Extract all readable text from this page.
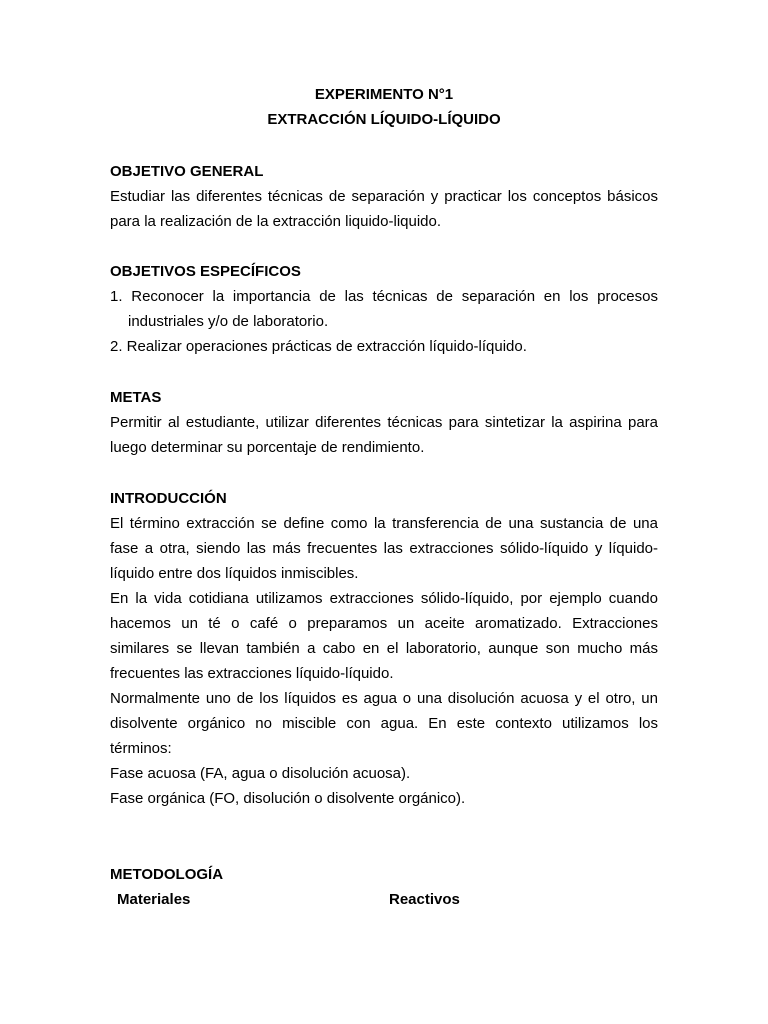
EXPERIMENTO N°1
EXTRACCIÓN LÍQUIDO-LÍQUIDO
OBJETIVO GENERAL

Estudiar las diferentes técnicas de separación y practicar los conceptos básicos para la realización de la extracción liquido-liquido.

OBJETIVOS ESPECÍFICOS

1. Reconocer la importancia de las técnicas de separación en los procesos industriales y/o de laboratorio.

2. Realizar operaciones prácticas de extracción líquido-líquido.

METAS

Permitir al estudiante, utilizar diferentes técnicas para sintetizar la aspirina para luego determinar su porcentaje de rendimiento.

INTRODUCCIÓN

El término extracción se define como la transferencia de una sustancia de una fase a otra, siendo las más frecuentes las extracciones sólido-líquido y líquido-líquido entre dos líquidos inmiscibles.

En la vida cotidiana utilizamos extracciones sólido-líquido, por ejemplo cuando hacemos un té o café o preparamos un aceite aromatizado. Extracciones similares se llevan también a cabo en el laboratorio, aunque son mucho más frecuentes las extracciones líquido-líquido.

Normalmente uno de los líquidos es agua o una disolución acuosa y el otro, un disolvente orgánico no miscible con agua. En este contexto utilizamos los términos:

Fase acuosa (FA, agua o disolución acuosa).

Fase orgánica (FO, disolución o disolvente orgánico).

METODOLOGÍA
Materiales	Reactivos
